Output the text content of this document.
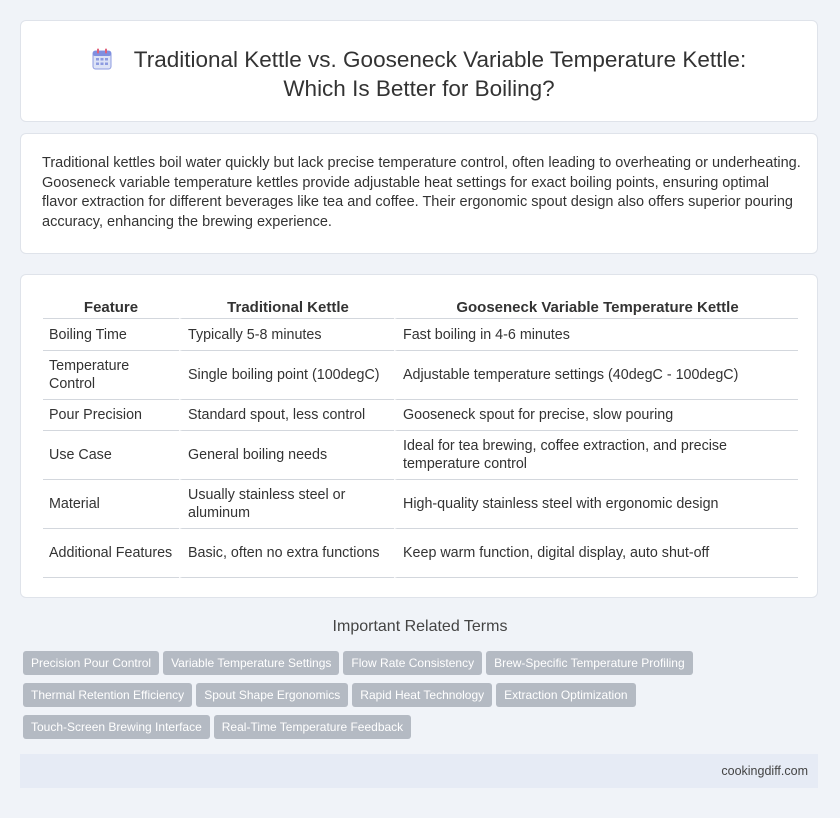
Traditional Kettle vs. Gooseneck Variable Temperature Kettle:
Which Is Better for Boiling?

Traditional kettles boil water quickly but lack precise temperature control, often leading to overheating or underheating. Gooseneck variable temperature kettles provide adjustable heat settings for exact boiling points, ensuring optimal flavor extraction for different beverages like tea and coffee. Their ergonomic spout design also offers superior pouring accuracy, enhancing the brewing experience.

Feature	Traditional Kettle	Gooseneck Variable Temperature Kettle
Boiling Time	Typically 5-8 minutes	Fast boiling in 4-6 minutes
Temperature Control	Single boiling point (100degC)	Adjustable temperature settings (40degC - 100degC)
Pour Precision	Standard spout, less control	Gooseneck spout for precise, slow pouring
Use Case	General boiling needs	Ideal for tea brewing, coffee extraction, and precise temperature control
Material	Usually stainless steel or aluminum	High-quality stainless steel with ergonomic design
Additional Features	Basic, often no extra functions	Keep warm function, digital display, auto shut-off
Important Related Terms
Precision Pour Control Variable Temperature Settings Flow Rate Consistency Brew-Specific Temperature Profiling
Thermal Retention Efficiency Spout Shape Ergonomics Rapid Heat Technology Extraction Optimization
Touch-Screen Brewing Interface Real-Time Temperature Feedback
cookingdiff.com
